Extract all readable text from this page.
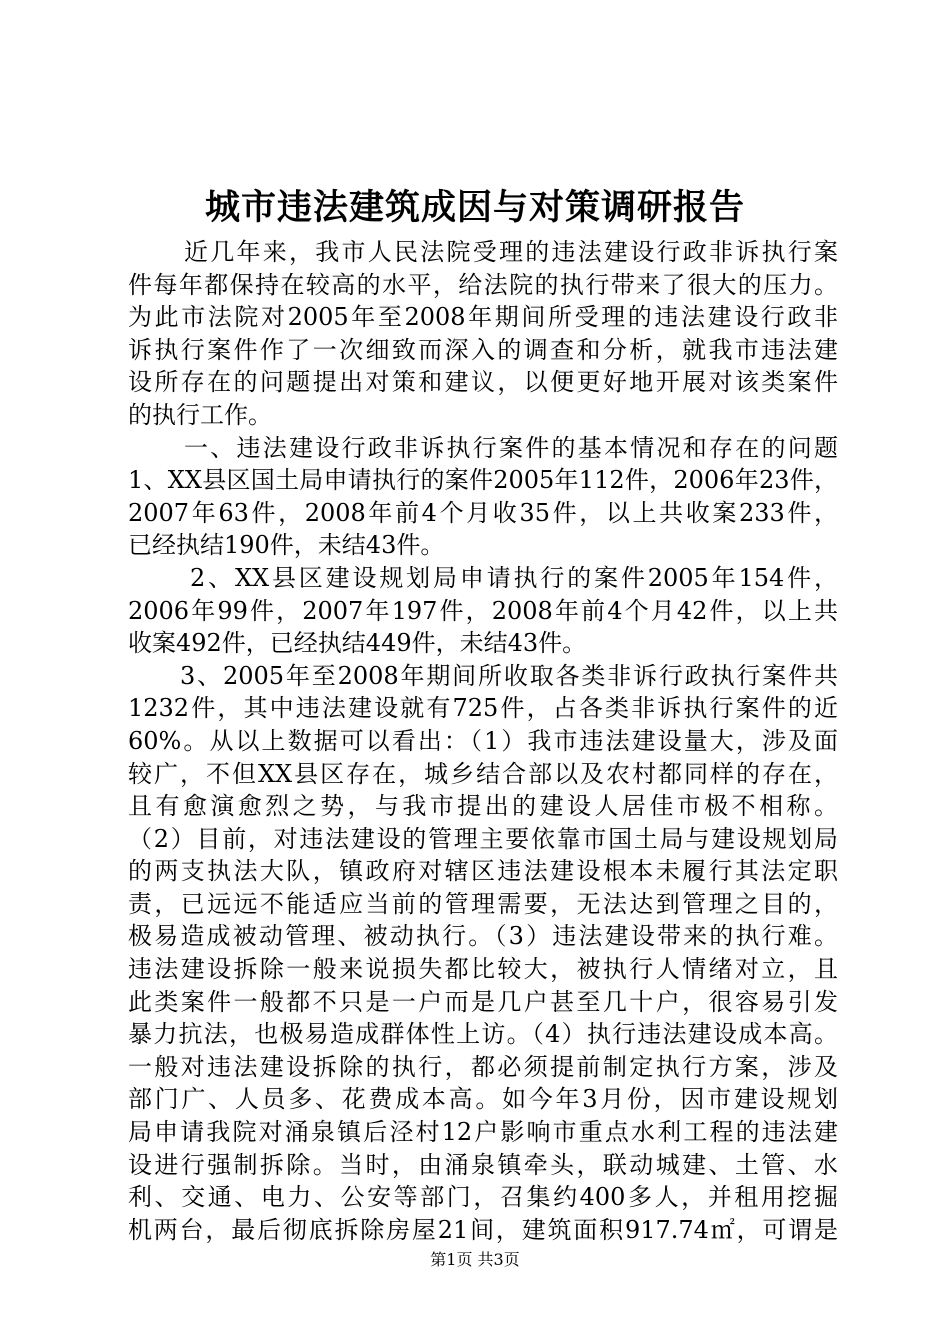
城市违法建筑成因与对策调研报告
近几年来，我市人民法院受理的违法建设行政非诉执行案
件每年都保持在较高的水平，给法院的执行带来了很大的压力。
为此市法院对2005年至2008年期间所受理的违法建设行政非
诉执行案件作了一次细致而深入的调查和分析，就我市违法建
设所存在的问题提出对策和建议，以便更好地开展对该类案件
的执行工作。
一、违法建设行政非诉执行案件的基本情况和存在的问题
1、XX县区国土局申请执行的案件2005年112件，2006年23件，
2007年63件，2008年前4个月收35件，以上共收案233件，
已经执结190件，未结43件。
2、XX县区建设规划局申请执行的案件2005年154件，
2006年99件，2007年197件，2008年前4个月42件，以上共
收案492件，已经执结449件，未结43件。
3、2005年至2008年期间所收取各类非诉行政执行案件共
1232件，其中违法建设就有725件，占各类非诉执行案件的近
60%。从以上数据可以看出：（1）我市违法建设量大，涉及面
较广，不但XX县区存在，城乡结合部以及农村都同样的存在，
且有愈演愈烈之势，与我市提出的建设人居佳市极不相称。
（2）目前，对违法建设的管理主要依靠市国土局与建设规划局
的两支执法大队，镇政府对辖区违法建设根本未履行其法定职
责，已远远不能适应当前的管理需要，无法达到管理之目的，
极易造成被动管理、被动执行。（3）违法建设带来的执行难。
违法建设拆除一般来说损失都比较大，被执行人情绪对立，且
此类案件一般都不只是一户而是几户甚至几十户，很容易引发
暴力抗法，也极易造成群体性上访。（4）执行违法建设成本高。
一般对违法建设拆除的执行，都必须提前制定执行方案，涉及
部门广、人员多、花费成本高。如今年3月份，因市建设规划
局申请我院对涌泉镇后泾村12户影响市重点水利工程的违法建
设进行强制拆除。当时，由涌泉镇牵头，联动城建、土管、水
利、交通、电力、公安等部门，召集约400多人，并租用挖掘
机两台，最后彻底拆除房屋21间，建筑面积917.74㎡，可谓是
第1页 共3页
